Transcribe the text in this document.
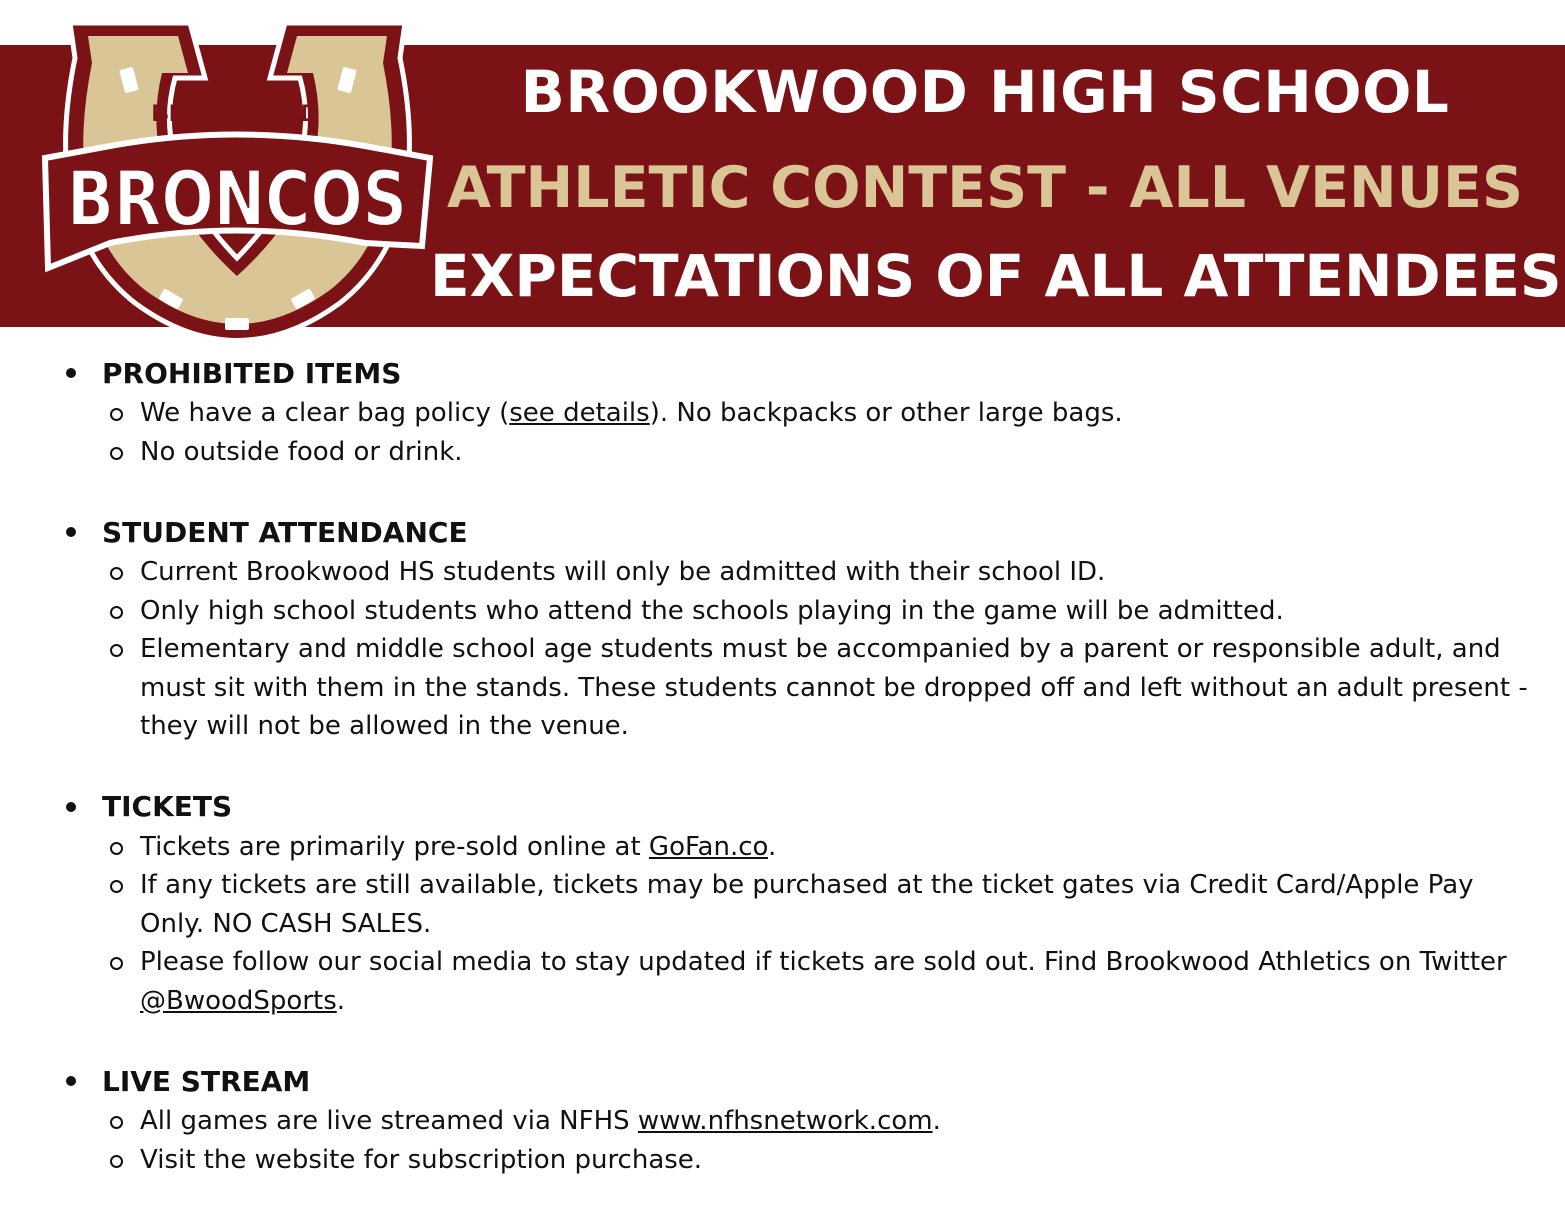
BROOKWOOD
BRONCOS
BROOKWOOD HIGH SCHOOL
ATHLETIC CONTEST - ALL VENUES
EXPECTATIONS OF ALL ATTENDEES
PROHIBITED ITEMS
We have a clear bag policy (see details). No backpacks or other large bags.
No outside food or drink.
STUDENT ATTENDANCE
Current Brookwood HS students will only be admitted with their school ID.
Only high school students who attend the schools playing in the game will be admitted.
Elementary and middle school age students must be accompanied by a parent or responsible adult, and must sit with them in the stands. These students cannot be dropped off and left without an adult present - they will not be allowed in the venue.
TICKETS
Tickets are primarily pre-sold online at GoFan.co.
If any tickets are still available, tickets may be purchased at the ticket gates via Credit Card/Apple Pay Only. NO CASH SALES.
Please follow our social media to stay updated if tickets are sold out. Find Brookwood Athletics on Twitter @BwoodSports.
LIVE STREAM
All games are live streamed via NFHS www.nfhsnetwork.com.
Visit the website for subscription purchase.
